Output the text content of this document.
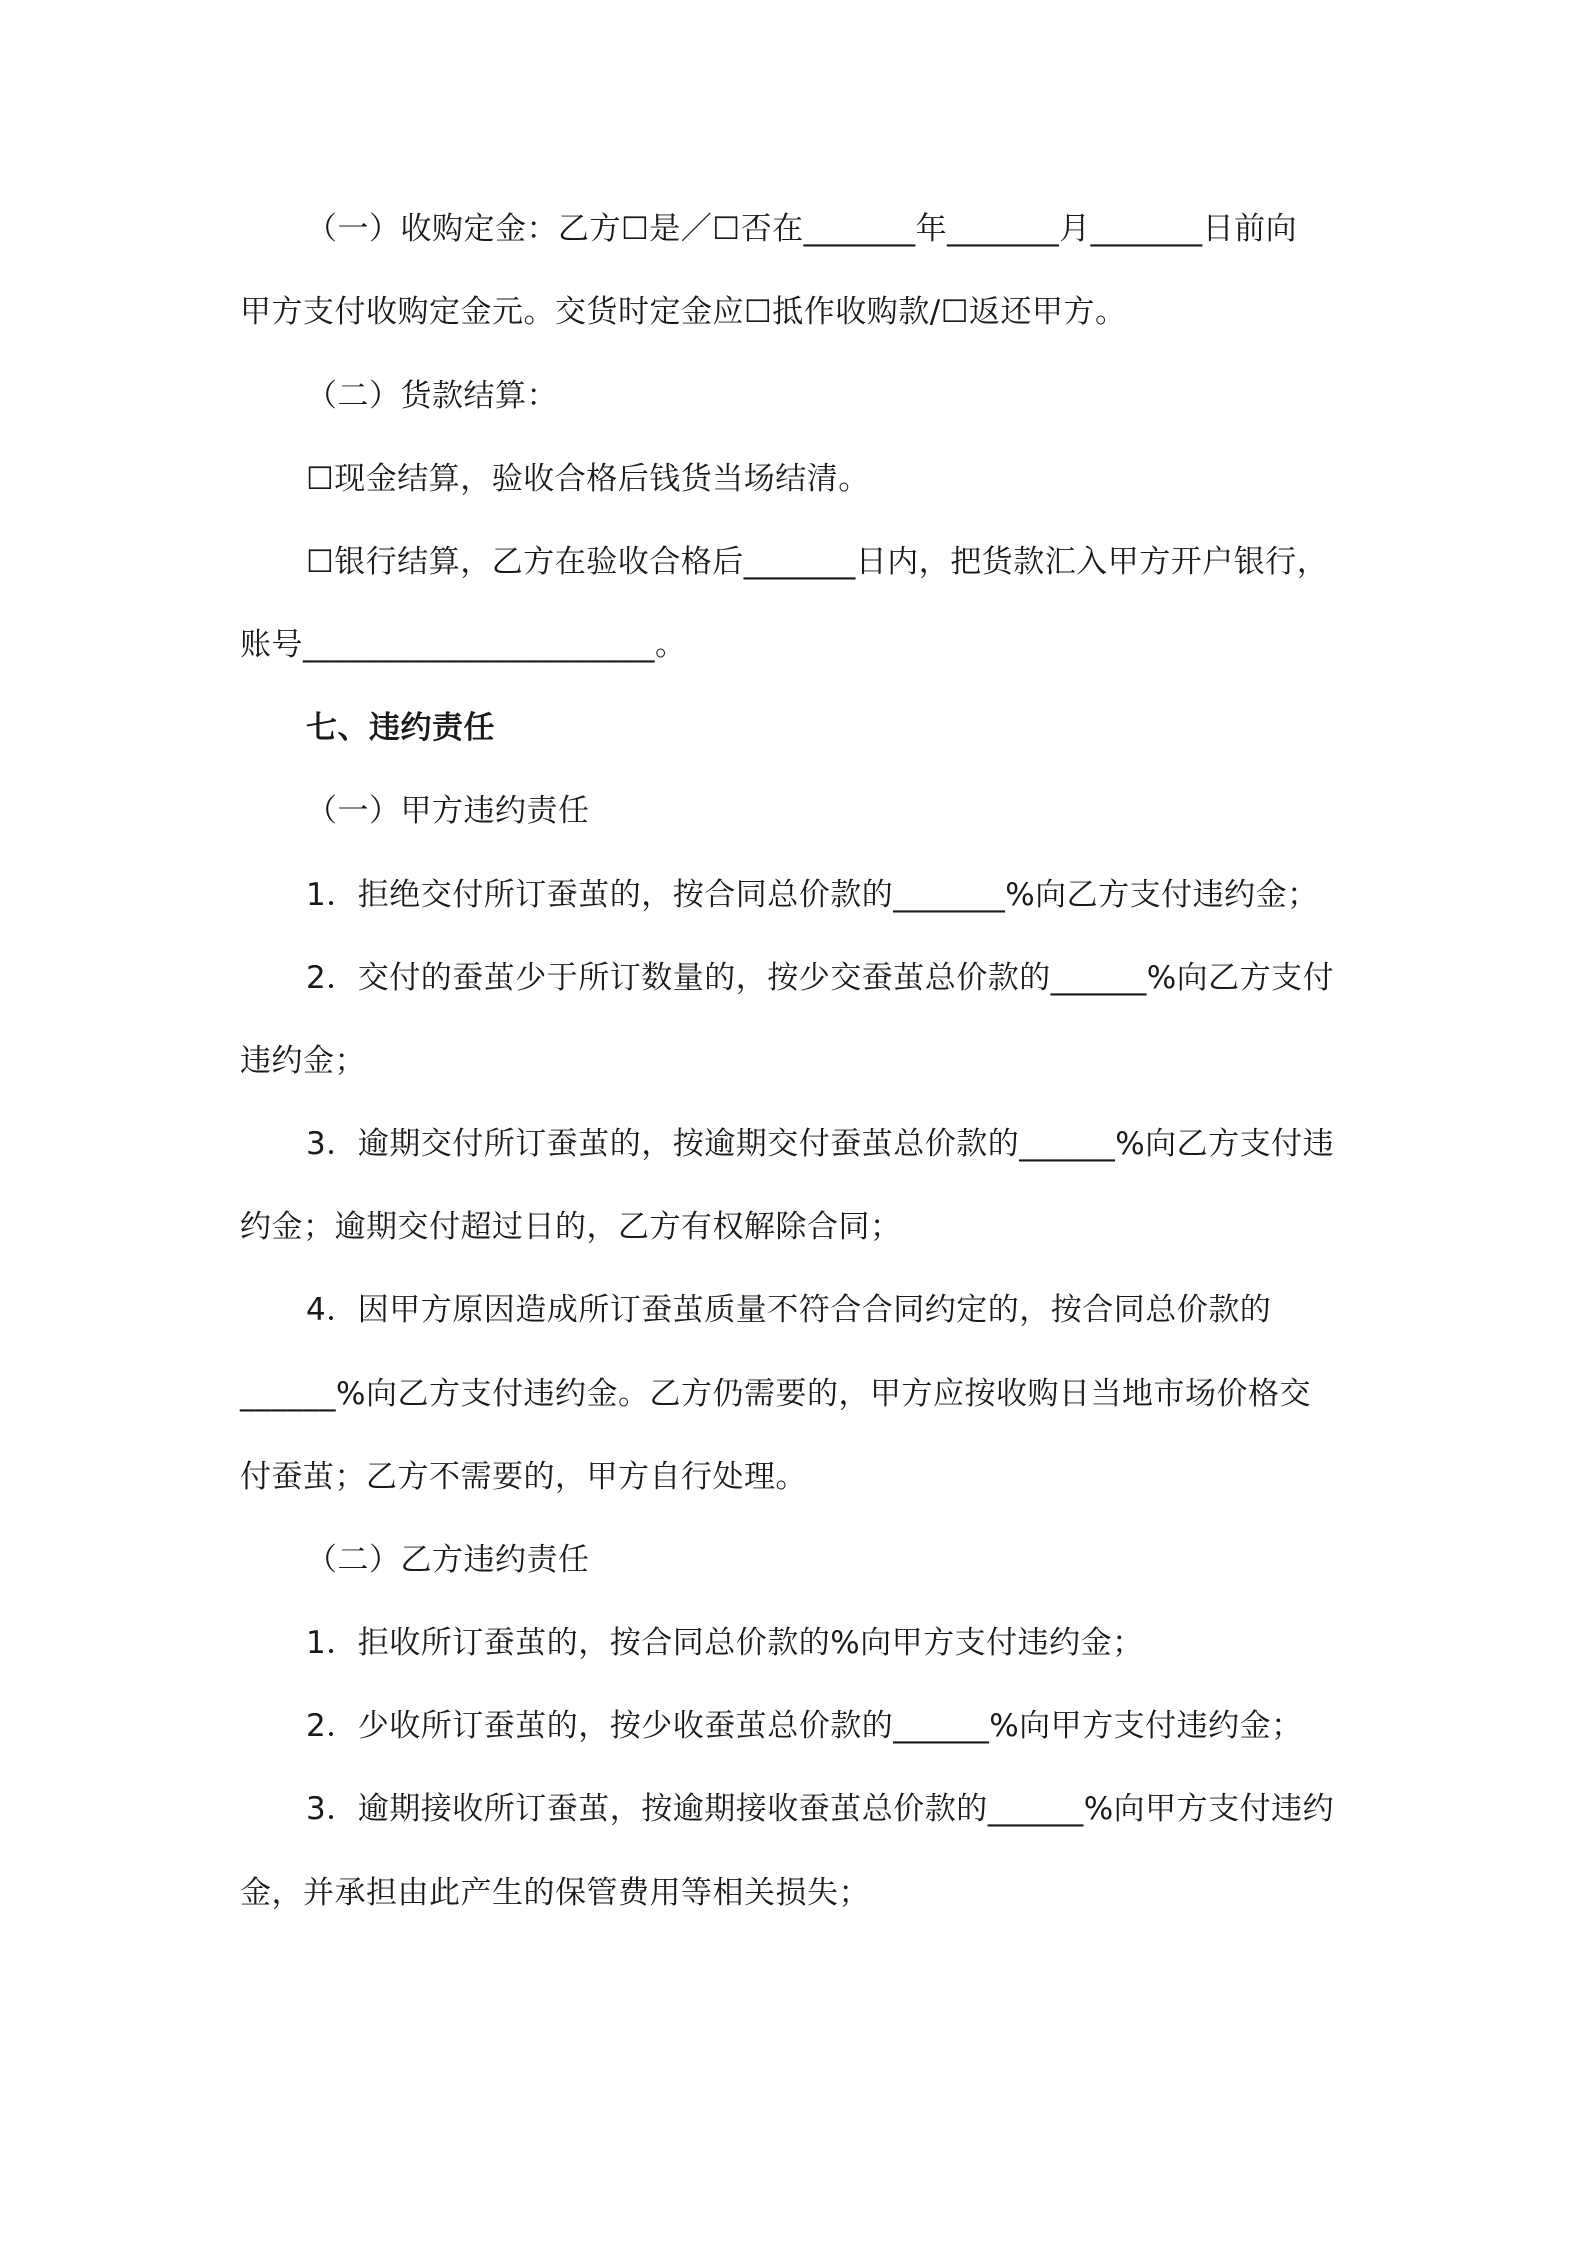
（一）收购定金：乙方☐是／☐否在_______年_______月_______日前向
甲方支付收购定金元。交货时定金应☐抵作收购款/☐返还甲方。
（二）货款结算：
☐现金结算，验收合格后钱货当场结清。
☐银行结算，乙方在验收合格后_______日内，把货款汇入甲方开户银行，
账号______________________。
七、违约责任
（一）甲方违约责任
1．拒绝交付所订蚕茧的，按合同总价款的_______%向乙方支付违约金；
2．交付的蚕茧少于所订数量的，按少交蚕茧总价款的______%向乙方支付
违约金；
3．逾期交付所订蚕茧的，按逾期交付蚕茧总价款的______%向乙方支付违
约金；逾期交付超过日的，乙方有权解除合同；
4．因甲方原因造成所订蚕茧质量不符合合同约定的，按合同总价款的
______%向乙方支付违约金。乙方仍需要的，甲方应按收购日当地市场价格交
付蚕茧；乙方不需要的，甲方自行处理。
（二）乙方违约责任
1．拒收所订蚕茧的，按合同总价款的%向甲方支付违约金；
2．少收所订蚕茧的，按少收蚕茧总价款的______%向甲方支付违约金；
3．逾期接收所订蚕茧，按逾期接收蚕茧总价款的______%向甲方支付违约
金，并承担由此产生的保管费用等相关损失；
